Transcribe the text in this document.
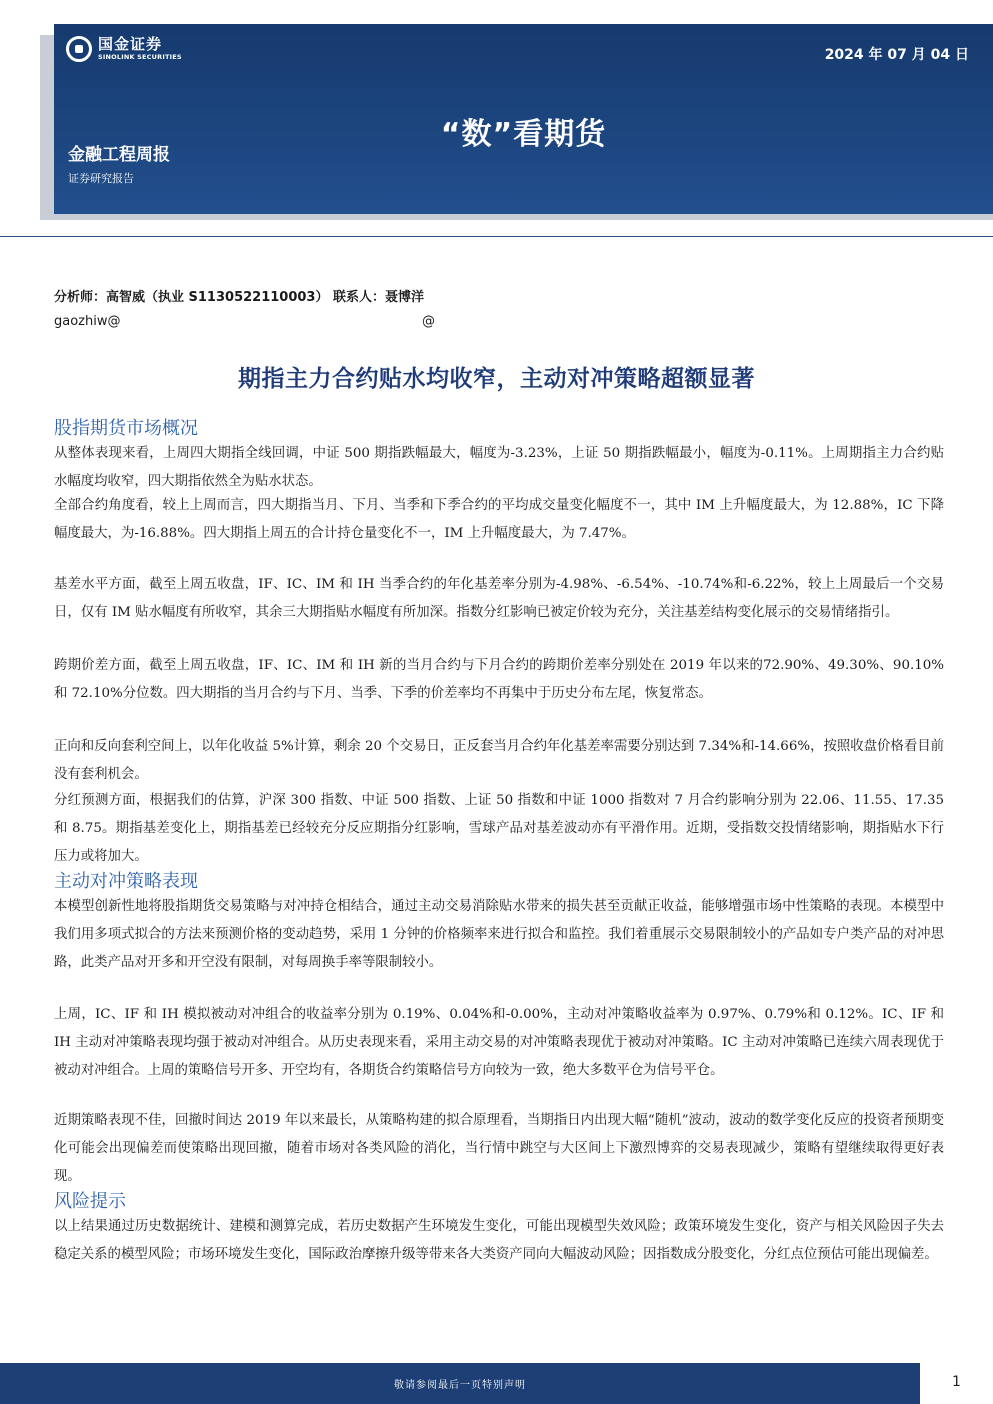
国金证券
SINOLINK SECURITIES	2024 年 07 月 04 日
“数”看期货
金融工程周报
证券研究报告
分析师：高智威（执业 S1130522110003） 联系人：聂博洋
gaozhiw@	@
期指主力合约贴水均收窄，主动对冲策略超额显著
股指期货市场概况
从整体表现来看，上周四大期指全线回调，中证 500 期指跌幅最大，幅度为-3.23%，上证 50 期指跌幅最小，幅度为-0.11%。上周期指主力合约贴水幅度均收窄，四大期指依然全为贴水状态。
全部合约角度看，较上上周而言，四大期指当月、下月、当季和下季合约的平均成交量变化幅度不一，其中 IM 上升幅度最大，为 12.88%，IC 下降幅度最大，为-16.88%。四大期指上周五的合计持仓量变化不一，IM 上升幅度最大，为 7.47%。
基差水平方面，截至上周五收盘，IF、IC、IM 和 IH 当季合约的年化基差率分别为-4.98%、-6.54%、-10.74%和-6.22%，较上上周最后一个交易日，仅有 IM 贴水幅度有所收窄，其余三大期指贴水幅度有所加深。指数分红影响已被定价较为充分，关注基差结构变化展示的交易情绪指引。
跨期价差方面，截至上周五收盘，IF、IC、IM 和 IH 新的当月合约与下月合约的跨期价差率分别处在 2019 年以来的72.90%、49.30%、90.10%和 72.10%分位数。四大期指的当月合约与下月、当季、下季的价差率均不再集中于历史分布左尾，恢复常态。
正向和反向套利空间上，以年化收益 5%计算，剩余 20 个交易日，正反套当月合约年化基差率需要分别达到 7.34%和-14.66%，按照收盘价格看目前没有套利机会。
分红预测方面，根据我们的估算，沪深 300 指数、中证 500 指数、上证 50 指数和中证 1000 指数对 7 月合约影响分别为 22.06、11.55、17.35 和 8.75。期指基差变化上，期指基差已经较充分反应期指分红影响，雪球产品对基差波动亦有平滑作用。近期，受指数交投情绪影响，期指贴水下行压力或将加大。
主动对冲策略表现
本模型创新性地将股指期货交易策略与对冲持仓相结合，通过主动交易消除贴水带来的损失甚至贡献正收益，能够增强市场中性策略的表现。本模型中我们用多项式拟合的方法来预测价格的变动趋势，采用 1 分钟的价格频率来进行拟合和监控。我们着重展示交易限制较小的产品如专户类产品的对冲思路，此类产品对开多和开空没有限制，对每周换手率等限制较小。
上周，IC、IF 和 IH 模拟被动对冲组合的收益率分别为 0.19%、0.04%和-0.00%，主动对冲策略收益率为 0.97%、0.79%和 0.12%。IC、IF 和 IH 主动对冲策略表现均强于被动对冲组合。从历史表现来看，采用主动交易的对冲策略表现优于被动对冲策略。IC 主动对冲策略已连续六周表现优于被动对冲组合。上周的策略信号开多、开空均有，各期货合约策略信号方向较为一致，绝大多数平仓为信号平仓。
近期策略表现不佳，回撤时间达 2019 年以来最长，从策略构建的拟合原理看，当期指日内出现大幅“随机”波动，波动的数学变化反应的投资者预期变化可能会出现偏差而使策略出现回撤，随着市场对各类风险的消化，当行情中跳空与大区间上下激烈博弈的交易表现减少，策略有望继续取得更好表现。
风险提示
以上结果通过历史数据统计、建模和测算完成，若历史数据产生环境发生变化，可能出现模型失效风险；政策环境发生变化，资产与相关风险因子失去稳定关系的模型风险；市场环境发生变化，国际政治摩擦升级等带来各大类资产同向大幅波动风险；因指数成分股变化，分红点位预估可能出现偏差。
敬请参阅最后一页特别声明	1
